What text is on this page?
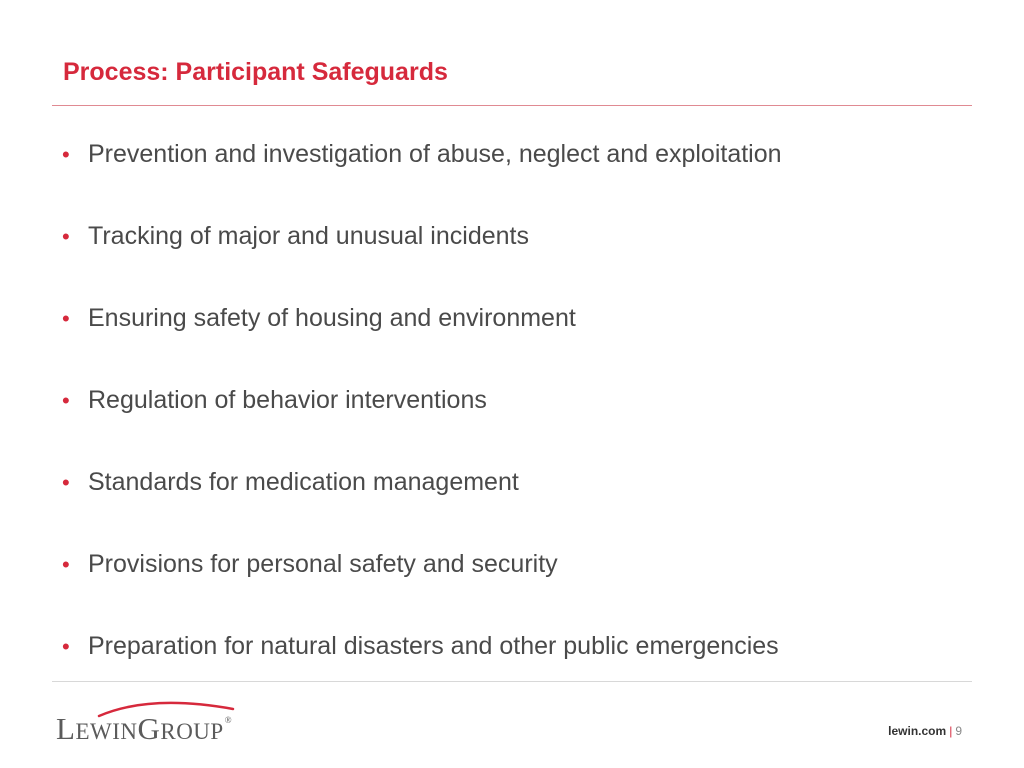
Process: Participant Safeguards
• Prevention and investigation of abuse, neglect and exploitation
• Tracking of major and unusual incidents
• Ensuring safety of housing and environment
• Regulation of behavior interventions
• Standards for medication management
• Provisions for personal safety and security
• Preparation for natural disasters and other public emergencies
LEWINGROUP®
lewin.com | 9
